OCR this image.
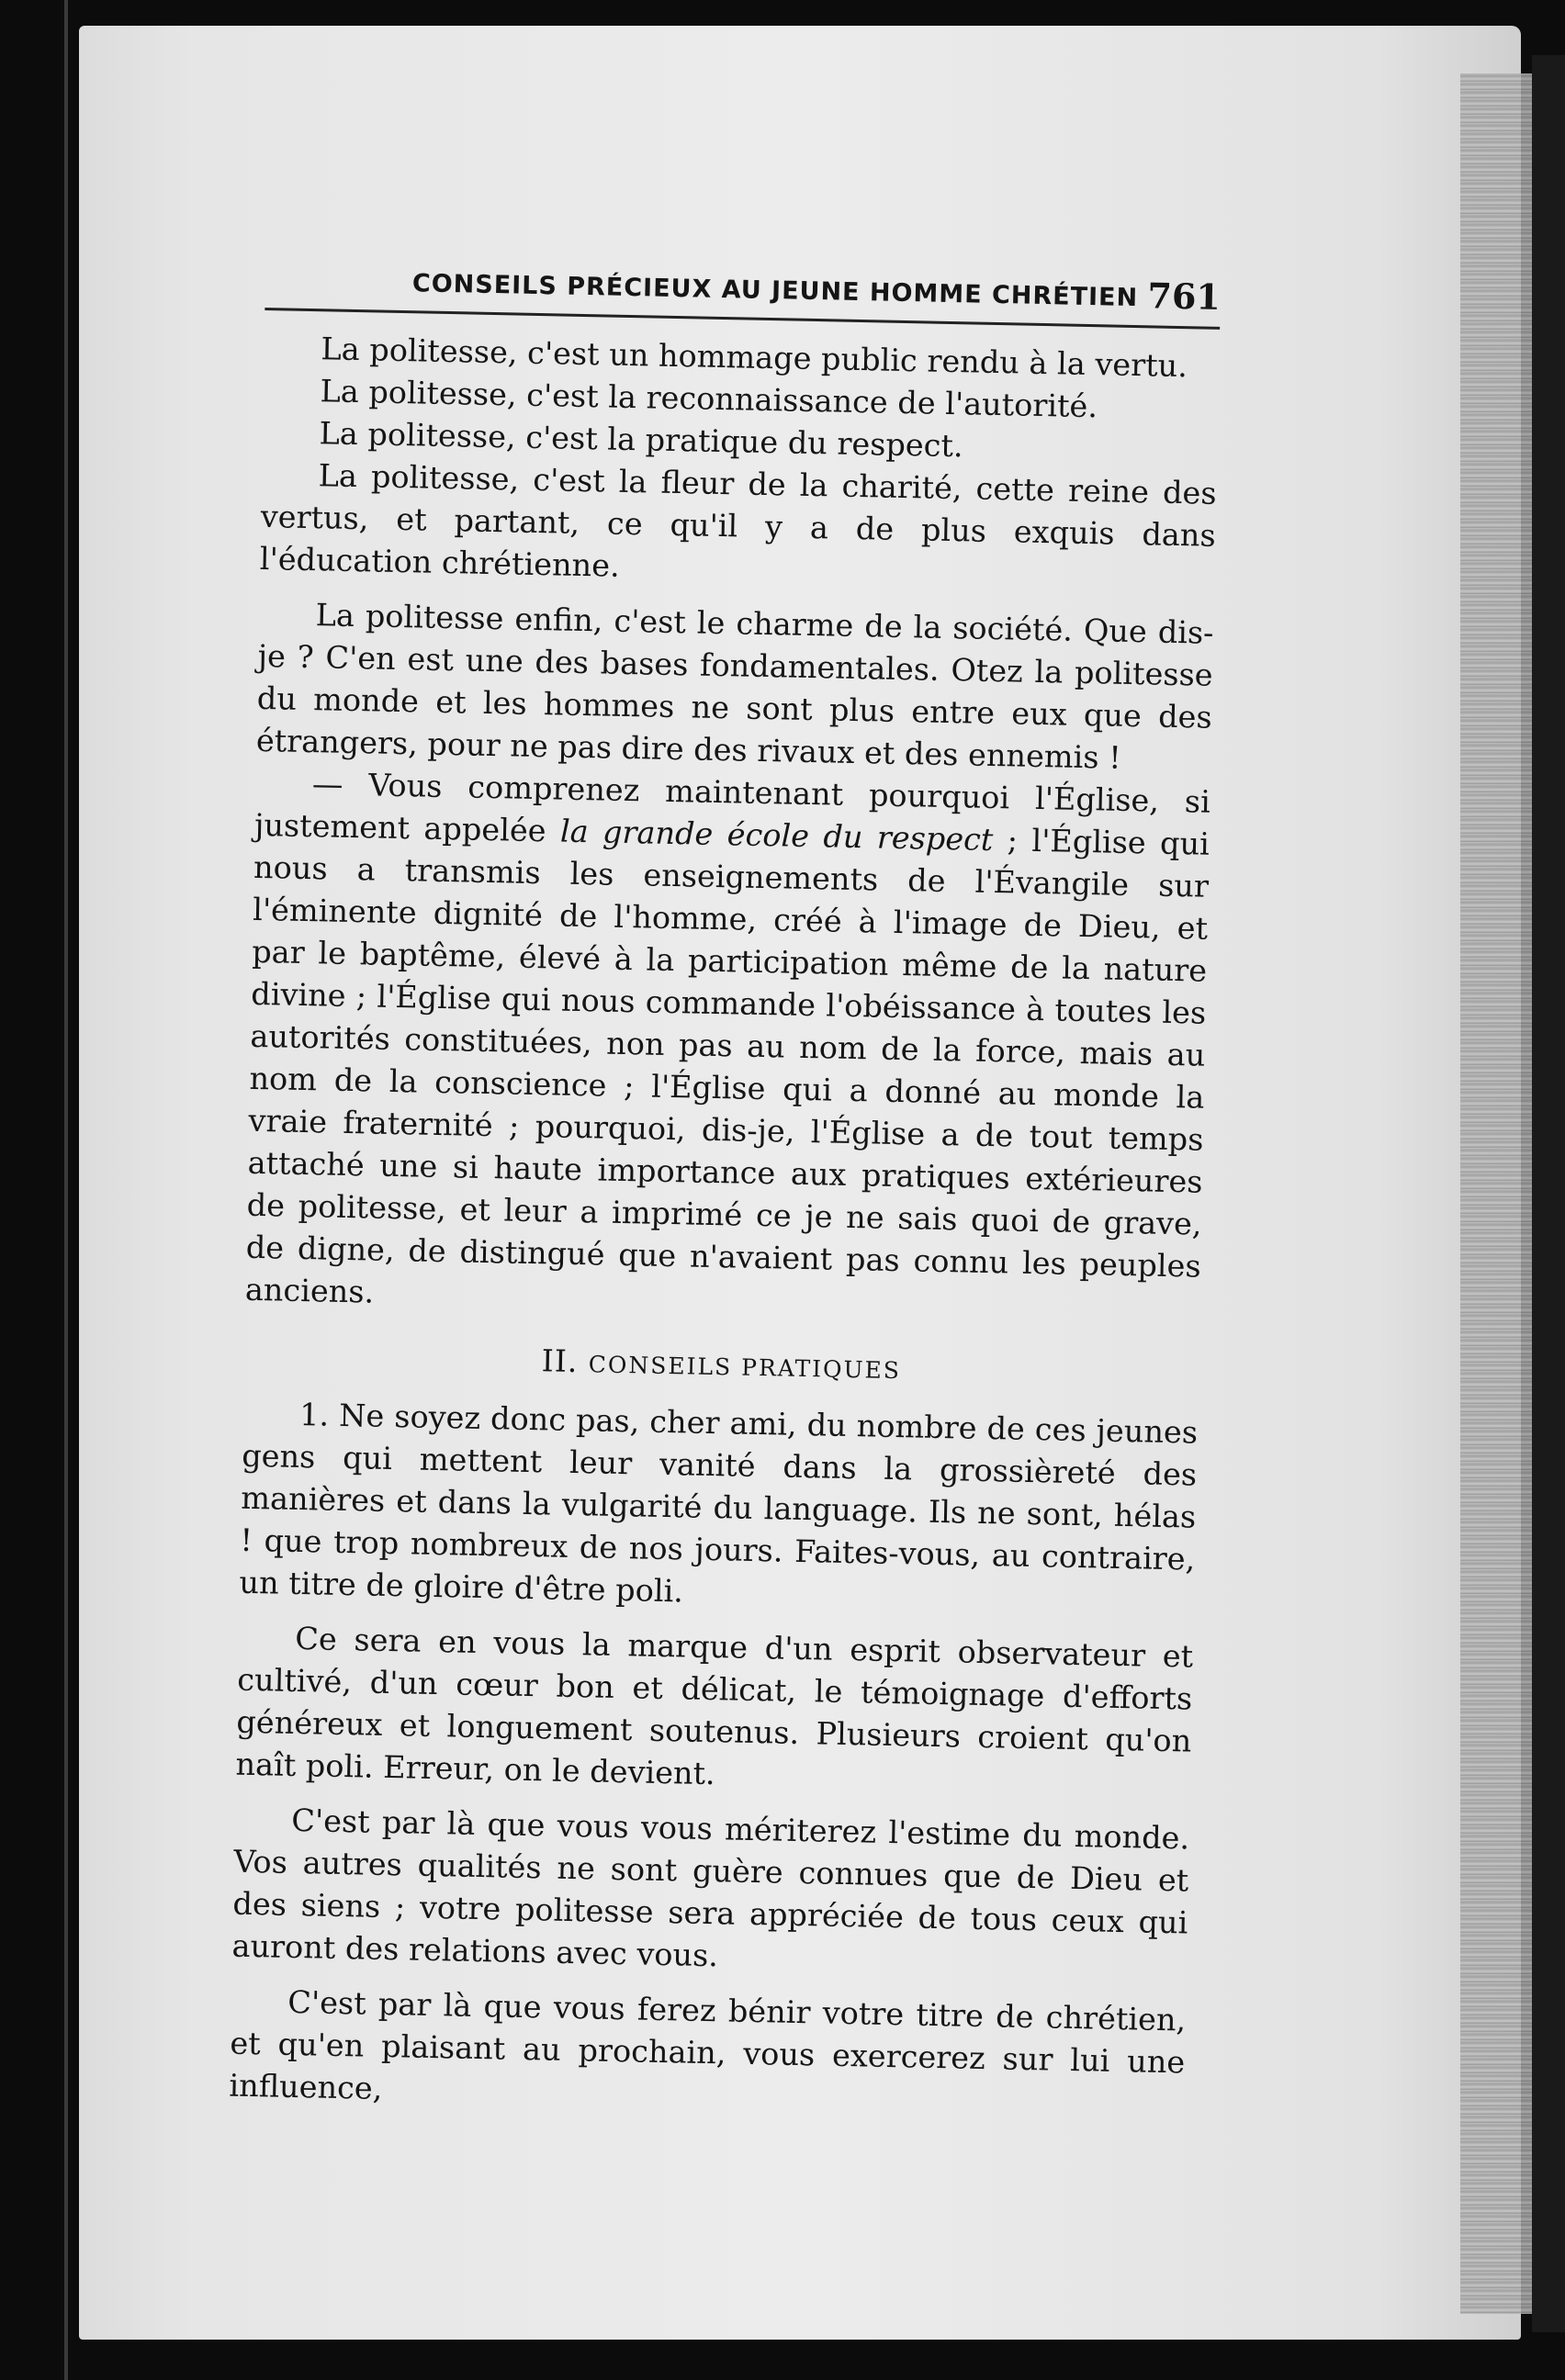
CONSEILS PRÉCIEUX AU JEUNE HOMME CHRÉTIEN 761

La politesse, c'est un hommage public rendu à la vertu.

La politesse, c'est la reconnaissance de l'autorité.

La politesse, c'est la pratique du respect.

La politesse, c'est la fleur de la charité, cette reine des vertus, et partant, ce qu'il y a de plus exquis dans l'éducation chrétienne.

La politesse enfin, c'est le charme de la société. Que dis-je ? C'en est une des bases fondamentales. Otez la politesse du monde et les hommes ne sont plus entre eux que des étrangers, pour ne pas dire des rivaux et des ennemis !

— Vous comprenez maintenant pourquoi l'Église, si justement appelée la grande école du respect ; l'Église qui nous a transmis les enseignements de l'Évangile sur l'éminente dignité de l'homme, créé à l'image de Dieu, et par le baptême, élevé à la participation même de la nature divine ; l'Église qui nous commande l'obéissance à toutes les autorités constituées, non pas au nom de la force, mais au nom de la conscience ; l'Église qui a donné au monde la vraie fraternité ; pourquoi, dis-je, l'Église a de tout temps attaché une si haute importance aux pratiques extérieures de politesse, et leur a imprimé ce je ne sais quoi de grave, de digne, de distingué que n'avaient pas connu les peuples anciens.

II. CONSEILS PRATIQUES

1. Ne soyez donc pas, cher ami, du nombre de ces jeunes gens qui mettent leur vanité dans la grossièreté des manières et dans la vulgarité du language. Ils ne sont, hélas ! que trop nombreux de nos jours. Faites-vous, au contraire, un titre de gloire d'être poli.

Ce sera en vous la marque d'un esprit observateur et cultivé, d'un cœur bon et délicat, le témoignage d'efforts généreux et longuement soutenus. Plusieurs croient qu'on naît poli. Erreur, on le devient.

C'est par là que vous vous mériterez l'estime du monde. Vos autres qualités ne sont guère connues que de Dieu et des siens ; votre politesse sera appréciée de tous ceux qui auront des relations avec vous.

C'est par là que vous ferez bénir votre titre de chrétien, et qu'en plaisant au prochain, vous exercerez sur lui une influence,
